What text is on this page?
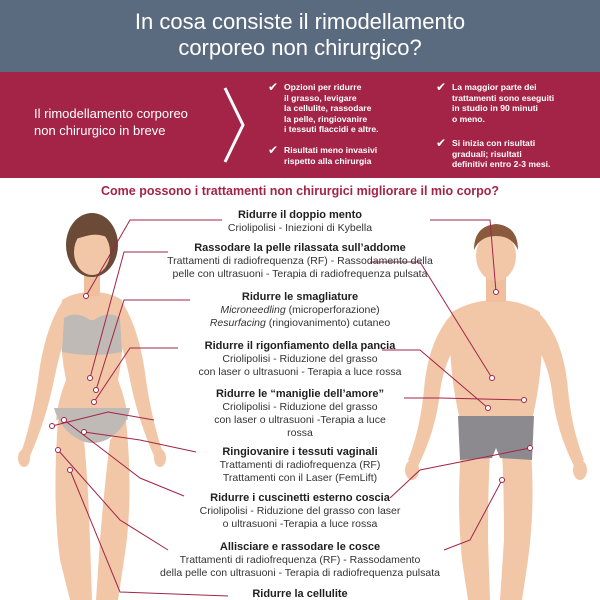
In cosa consiste il rimodellamento
corporeo non chirurgico?
Il rimodellamento corporeo
non chirurgico in breve
✔ Opzioni per ridurre
il grasso, levigare
la cellulite, rassodare
la pelle, ringiovanire
i tessuti flaccidi e altre.
✔ Risultati meno invasivi
rispetto alla chirurgia
✔ La maggior parte dei
trattamenti sono eseguiti
in studio in 90 minuti
o meno.
✔ Si inizia con risultati
graduali; risultati
definitivi entro 2-3 mesi.
Come possono i trattamenti non chirurgici migliorare il mio corpo?
Ridurre il doppio mento
Criolipolisi - Iniezioni di Kybella
Rassodare la pelle rilassata sull’addome
Trattamenti di radiofrequenza (RF) - Rassodamento della
pelle con ultrasuoni - Terapia di radiofrequenza pulsata
Ridurre le smagliature
Microneedling (microperforazione)
Resurfacing (ringiovanimento) cutaneo
Ridurre il rigonfiamento della pancia
Criolipolisi - Riduzione del grasso
con laser o ultrasuoni - Terapia a luce rossa
Ridurre le “maniglie dell’amore”
Criolipolisi - Riduzione del grasso
con laser o ultrasuoni -Terapia a luce
rossa
Ringiovanire i tessuti vaginali
Trattamenti di radiofrequenza (RF)
Trattamenti con il Laser (FemLift)
Ridurre i cuscinetti esterno coscia
Criolipolisi - Riduzione del grasso con laser
o ultrasuoni -Terapia a luce rossa
Allisciare e rassodare le cosce
Trattamenti di radiofrequenza (RF) - Rassodamento
della pelle con ultrasuoni - Terapia di radiofrequenza pulsata
Ridurre la cellulite
